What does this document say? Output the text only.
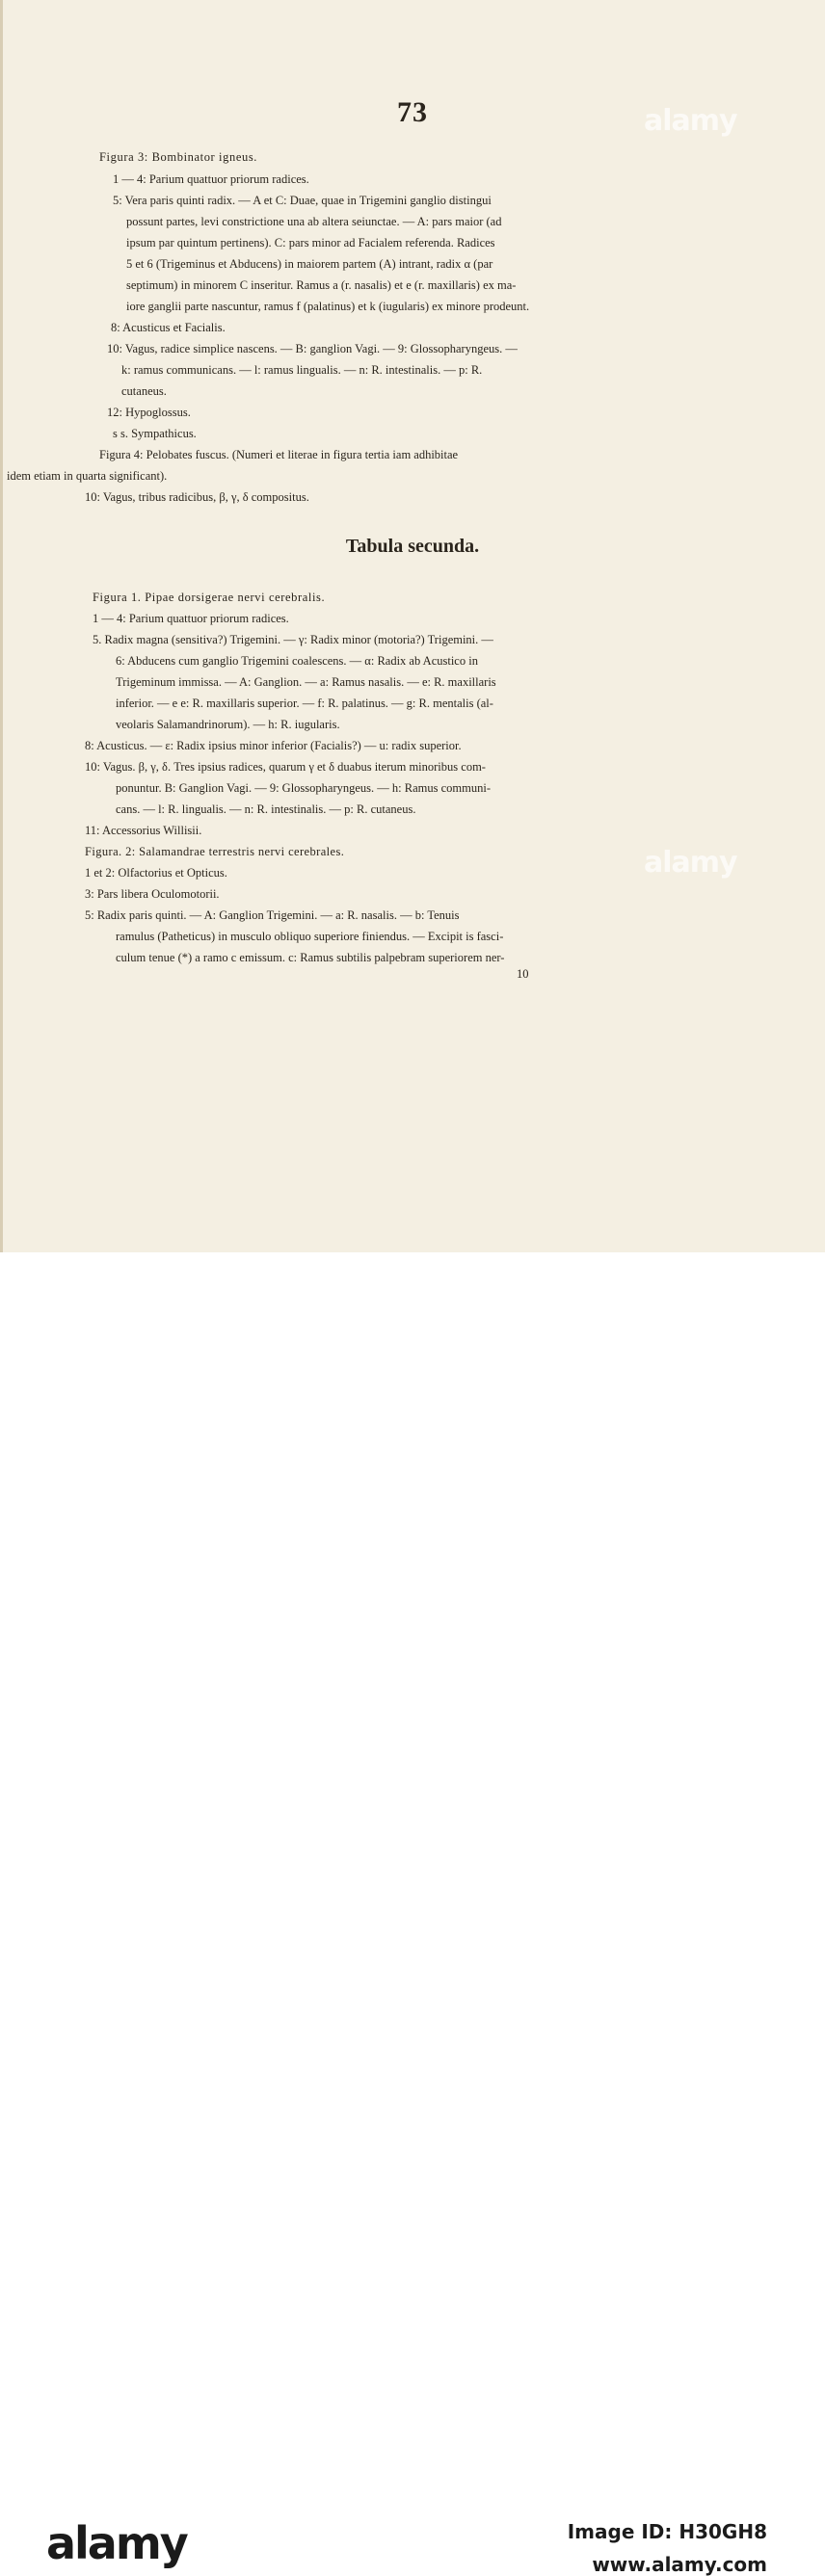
73
Figura 3: Bombinator igneus.
1 — 4: Parium quattuor priorum radices.
5: Vera paris quinti radix. — A et C: Duae, quae in Trigemini ganglio distingui
possunt partes, levi constrictione una ab altera seiunctae. — A: pars maior (ad
ipsum par quintum pertinens). C: pars minor ad Facialem referenda. Radices
5 et 6 (Trigeminus et Abducens) in maiorem partem (A) intrant, radix α (par
septimum) in minorem C inseritur. Ramus a (r. nasalis) et e (r. maxillaris) ex ma-
iore ganglii parte nascuntur, ramus f (palatinus) et k (iugularis) ex minore prodeunt.
8: Acusticus et Facialis.
10: Vagus, radice simplice nascens. — B: ganglion Vagi. — 9: Glossopharyngeus. —
k: ramus communicans. — l: ramus lingualis. — n: R. intestinalis. — p: R.
cutaneus.
12: Hypoglossus.
s s. Sympathicus.
Figura 4: Pelobates fuscus. (Numeri et literae in figura tertia iam adhibitae
idem etiam in quarta significant).
10: Vagus, tribus radicibus, β, γ, δ compositus.
Tabula secunda.
Figura 1. Pipae dorsigerae nervi cerebralis.
1 — 4: Parium quattuor priorum radices.
5. Radix magna (sensitiva?) Trigemini. — γ: Radix minor (motoria?) Trigemini. —
6: Abducens cum ganglio Trigemini coalescens. — α: Radix ab Acustico in
Trigeminum immissa. — A: Ganglion. — a: Ramus nasalis. — e: R. maxillaris
inferior. — e e: R. maxillaris superior. — f: R. palatinus. — g: R. mentalis (al-
veolaris Salamandrinorum). — h: R. iugularis.
8: Acusticus. — ε: Radix ipsius minor inferior (Facialis?) — u: radix superior.
10: Vagus. β, γ, δ. Tres ipsius radices, quarum γ et δ duabus iterum minoribus com-
ponuntur. B: Ganglion Vagi. — 9: Glossopharyngeus. — h: Ramus communi-
cans. — l: R. lingualis. — n: R. intestinalis. — p: R. cutaneus.
11: Accessorius Willisii.
Figura. 2: Salamandrae terrestris nervi cerebrales.
1 et 2: Olfactorius et Opticus.
3: Pars libera Oculomotorii.
5: Radix paris quinti. — A: Ganglion Trigemini. — a: R. nasalis. — b: Tenuis
ramulus (Patheticus) in musculo obliquo superiore finiendus. — Excipit is fasci-
culum tenue (*) a ramo c emissum. c: Ramus subtilis palpebram superiorem ner-
10
alamy
alamy
alamy	Image ID: H30GH8
www.alamy.com
